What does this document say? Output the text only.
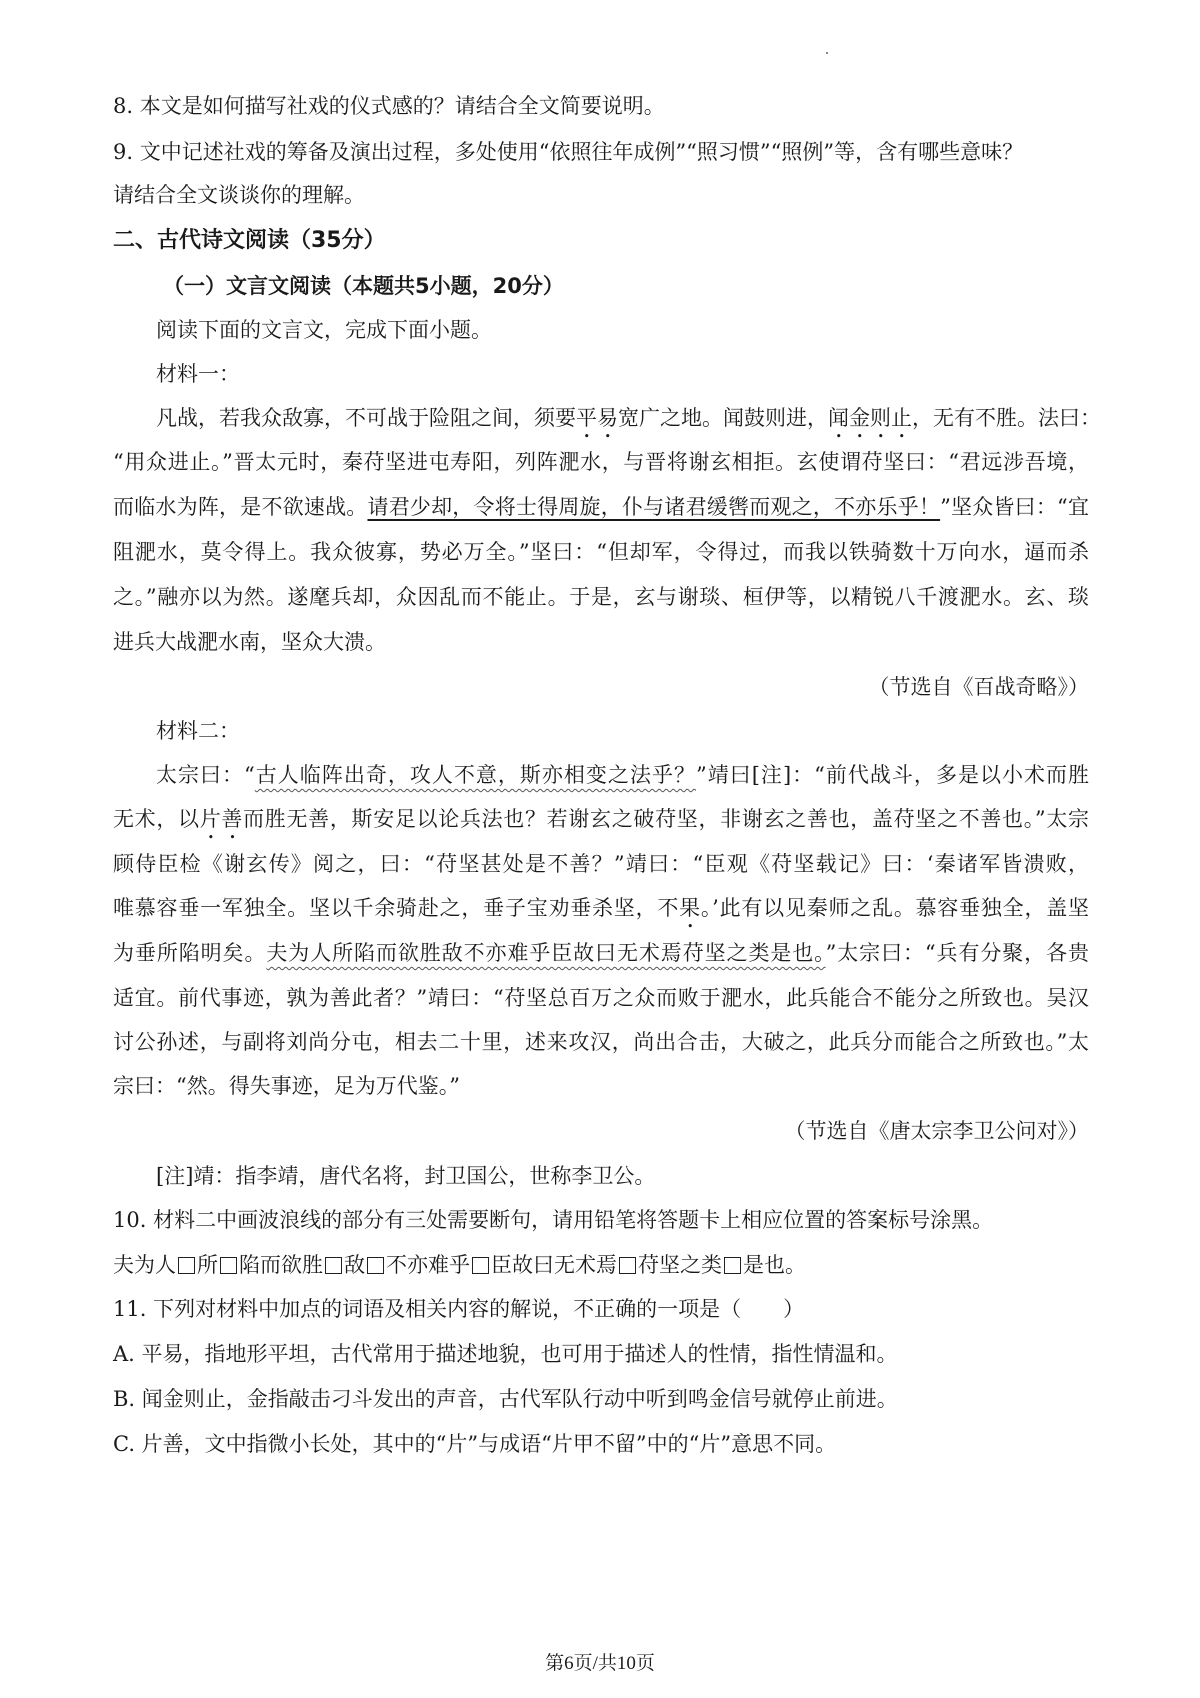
8. 本文是如何描写社戏的仪式感的？请结合全文简要说明。
9. 文中记述社戏的筹备及演出过程，多处使用“依照往年成例”“照习惯”“照例”等，含有哪些意味？
请结合全文谈谈你的理解。
二、古代诗文阅读（35分）
（一）文言文阅读（本题共5小题，20分）
阅读下面的文言文，完成下面小题。
材料一：
凡战，若我众敌寡，不可战于险阻之间，须要平易宽广之地。闻鼓则进，闻金则止，无有不胜。法曰：
“用众进止。”晋太元时，秦苻坚进屯寿阳，列阵淝水，与晋将谢玄相拒。玄使谓苻坚曰：“君远涉吾境，
而临水为阵，是不欲速战。请君少却，令将士得周旋，仆与诸君缓辔而观之，不亦乐乎！”坚众皆曰：“宜
阻淝水，莫令得上。我众彼寡，势必万全。”坚曰：“但却军，令得过，而我以铁骑数十万向水，逼而杀
之。”融亦以为然。遂麾兵却，众因乱而不能止。于是，玄与谢琰、桓伊等，以精锐八千渡淝水。玄、琰
进兵大战淝水南，坚众大溃。
（节选自《百战奇略》）
材料二：
太宗曰：“古人临阵出奇，攻人不意，斯亦相变之法乎？”靖曰[注]：“前代战斗，多是以小术而胜
无术，以片善而胜无善，斯安足以论兵法也？若谢玄之破苻坚，非谢玄之善也，盖苻坚之不善也。”太宗
顾侍臣检《谢玄传》阅之，曰：“苻坚甚处是不善？”靖曰：“臣观《苻坚载记》曰：‘秦诸军皆溃败，
唯慕容垂一军独全。坚以千余骑赴之，垂子宝劝垂杀坚，不果。’此有以见秦师之乱。慕容垂独全，盖坚
为垂所陷明矣。夫为人所陷而欲胜敌不亦难乎臣故曰无术焉苻坚之类是也。”太宗曰：“兵有分聚，各贵
适宜。前代事迹，孰为善此者？”靖曰：“苻坚总百万之众而败于淝水，此兵能合不能分之所致也。吴汉
讨公孙述，与副将刘尚分屯，相去二十里，述来攻汉，尚出合击，大破之，此兵分而能合之所致也。”太
宗曰：“然。得失事迹，足为万代鉴。”
（节选自《唐太宗李卫公问对》）
[注]靖：指李靖，唐代名将，封卫国公，世称李卫公。
10. 材料二中画波浪线的部分有三处需要断句，请用铅笔将答题卡上相应位置的答案标号涂黑。
夫为人 所 陷而欲胜 敌 不亦难乎 臣故曰无术焉 苻坚之类 是也。
11. 下列对材料中加点的词语及相关内容的解说，不正确的一项是（　　）
A. 平易，指地形平坦，古代常用于描述地貌，也可用于描述人的性情，指性情温和。
B. 闻金则止，金指敲击刁斗发出的声音，古代军队行动中听到鸣金信号就停止前进。
C. 片善，文中指微小长处，其中的“片”与成语“片甲不留”中的“片”意思不同。
第6页/共10页
